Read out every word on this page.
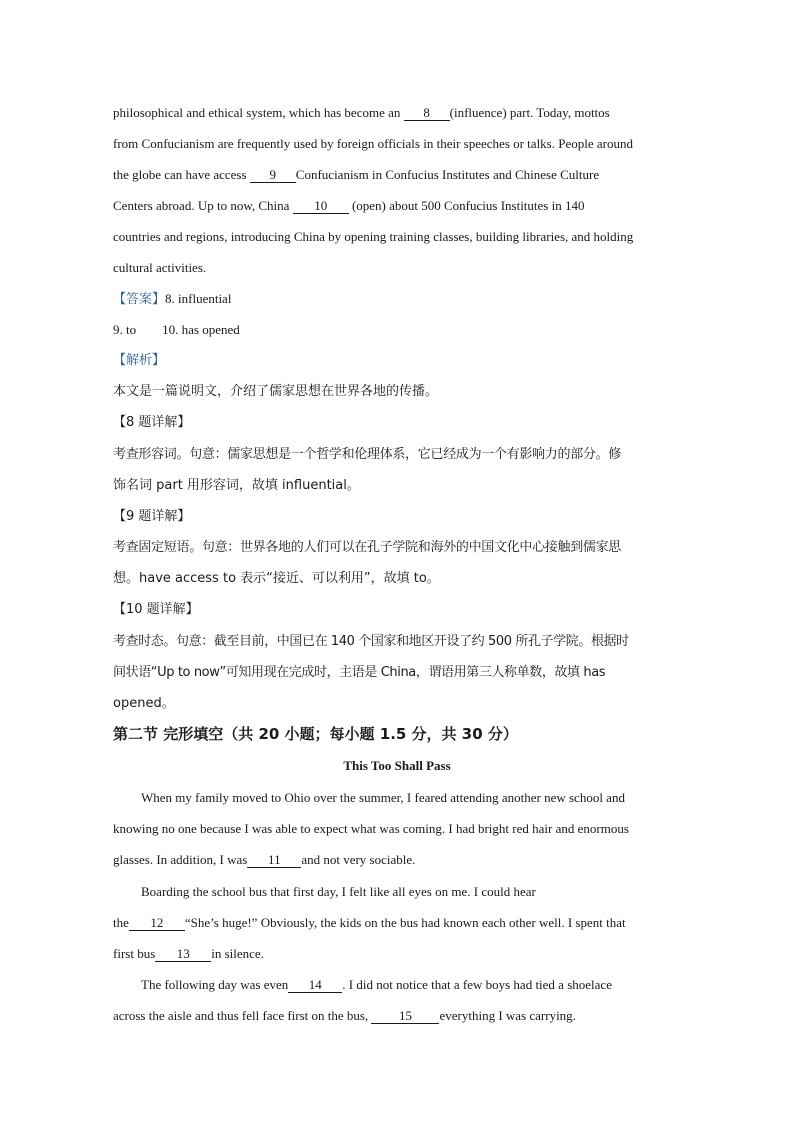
philosophical and ethical system, which has become an 8 (influence) part. Today, mottos
from Confucianism are frequently used by foreign officials in their speeches or talks. People around
the globe can have access 9 Confucianism in Confucius Institutes and Chinese Culture
Centers abroad. Up to now, China 10 (open) about 500 Confucius Institutes in 140
countries and regions, introducing China by opening training classes, building libraries, and holding
cultural activities.
【答案】8. influential
9. to 10. has opened
【解析】
本文是一篇说明文，介绍了儒家思想在世界各地的传播。
【8 题详解】
考查形容词。句意：儒家思想是一个哲学和伦理体系，它已经成为一个有影响力的部分。修
饰名词 part 用形容词，故填 influential。
【9 题详解】
考查固定短语。句意：世界各地的人们可以在孔子学院和海外的中国文化中心接触到儒家思
想。have access to 表示“接近、可以利用”，故填 to。
【10 题详解】
考查时态。句意：截至目前，中国已在 140 个国家和地区开设了约 500 所孔子学院。根据时
间状语“Up to now”可知用现在完成时，主语是 China，谓语用第三人称单数，故填 has
opened。
第二节 完形填空（共 20 小题；每小题 1.5 分，共 30 分）
This Too Shall Pass
When my family moved to Ohio over the summer, I feared attending another new school and
knowing no one because I was able to expect what was coming. I had bright red hair and enormous
glasses. In addition, I was 11 and not very sociable.
Boarding the school bus that first day, I felt like all eyes on me. I could hear
the 12 “She’s huge!” Obviously, the kids on the bus had known each other well. I spent that
first bus 13 in silence.
The following day was even 14 . I did not notice that a few boys had tied a shoelace
across the aisle and thus fell face first on the bus, 15 everything I was carrying.
